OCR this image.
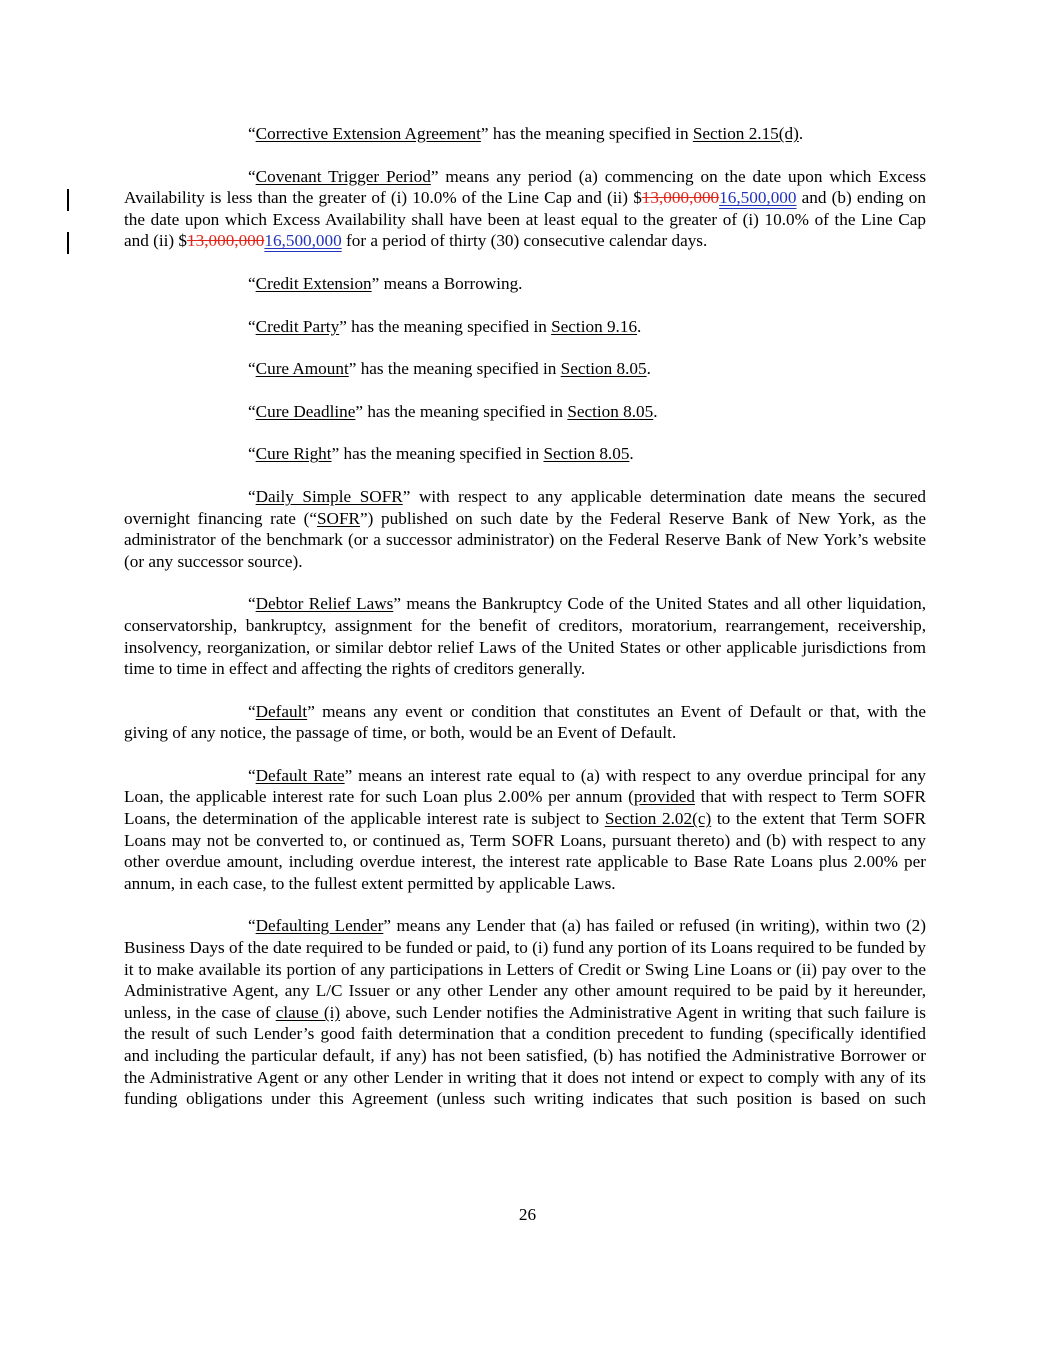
“Corrective Extension Agreement” has the meaning specified in Section 2.15(d).

“Covenant Trigger Period” means any period (a) commencing on the date upon which Excess Availability is less than the greater of (i) 10.0% of the Line Cap and (ii) $13,000,00016,500,000 and (b) ending on the date upon which Excess Availability shall have been at least equal to the greater of (i) 10.0% of the Line Cap and (ii) $13,000,00016,500,000 for a period of thirty (30) consecutive calendar days.

“Credit Extension” means a Borrowing.

“Credit Party” has the meaning specified in Section 9.16.

“Cure Amount” has the meaning specified in Section 8.05.

“Cure Deadline” has the meaning specified in Section 8.05.

“Cure Right” has the meaning specified in Section 8.05.

“Daily Simple SOFR” with respect to any applicable determination date means the secured overnight financing rate (“SOFR”) published on such date by the Federal Reserve Bank of New York, as the administrator of the benchmark (or a successor administrator) on the Federal Reserve Bank of New York’s website (or any successor source).

“Debtor Relief Laws” means the Bankruptcy Code of the United States and all other liquidation, conservatorship, bankruptcy, assignment for the benefit of creditors, moratorium, rearrangement, receivership, insolvency, reorganization, or similar debtor relief Laws of the United States or other applicable jurisdictions from time to time in effect and affecting the rights of creditors generally.

“Default” means any event or condition that constitutes an Event of Default or that, with the giving of any notice, the passage of time, or both, would be an Event of Default.

“Default Rate” means an interest rate equal to (a) with respect to any overdue principal for any Loan, the applicable interest rate for such Loan plus 2.00% per annum (provided that with respect to Term SOFR Loans, the determination of the applicable interest rate is subject to Section 2.02(c) to the extent that Term SOFR Loans may not be converted to, or continued as, Term SOFR Loans, pursuant thereto) and (b) with respect to any other overdue amount, including overdue interest, the interest rate applicable to Base Rate Loans plus 2.00% per annum, in each case, to the fullest extent permitted by applicable Laws.

“Defaulting Lender” means any Lender that (a) has failed or refused (in writing), within two (2) Business Days of the date required to be funded or paid, to (i) fund any portion of its Loans required to be funded by it to make available its portion of any participations in Letters of Credit or Swing Line Loans or (ii) pay over to the Administrative Agent, any L/C Issuer or any other Lender any other amount required to be paid by it hereunder, unless, in the case of clause (i) above, such Lender notifies the Administrative Agent in writing that such failure is the result of such Lender’s good faith determination that a condition precedent to funding (specifically identified and including the particular default, if any) has not been satisfied, (b) has notified the Administrative Borrower or the Administrative Agent or any other Lender in writing that it does not intend or expect to comply with any of its funding obligations under this Agreement (unless such writing indicates that such position is based on such

26
